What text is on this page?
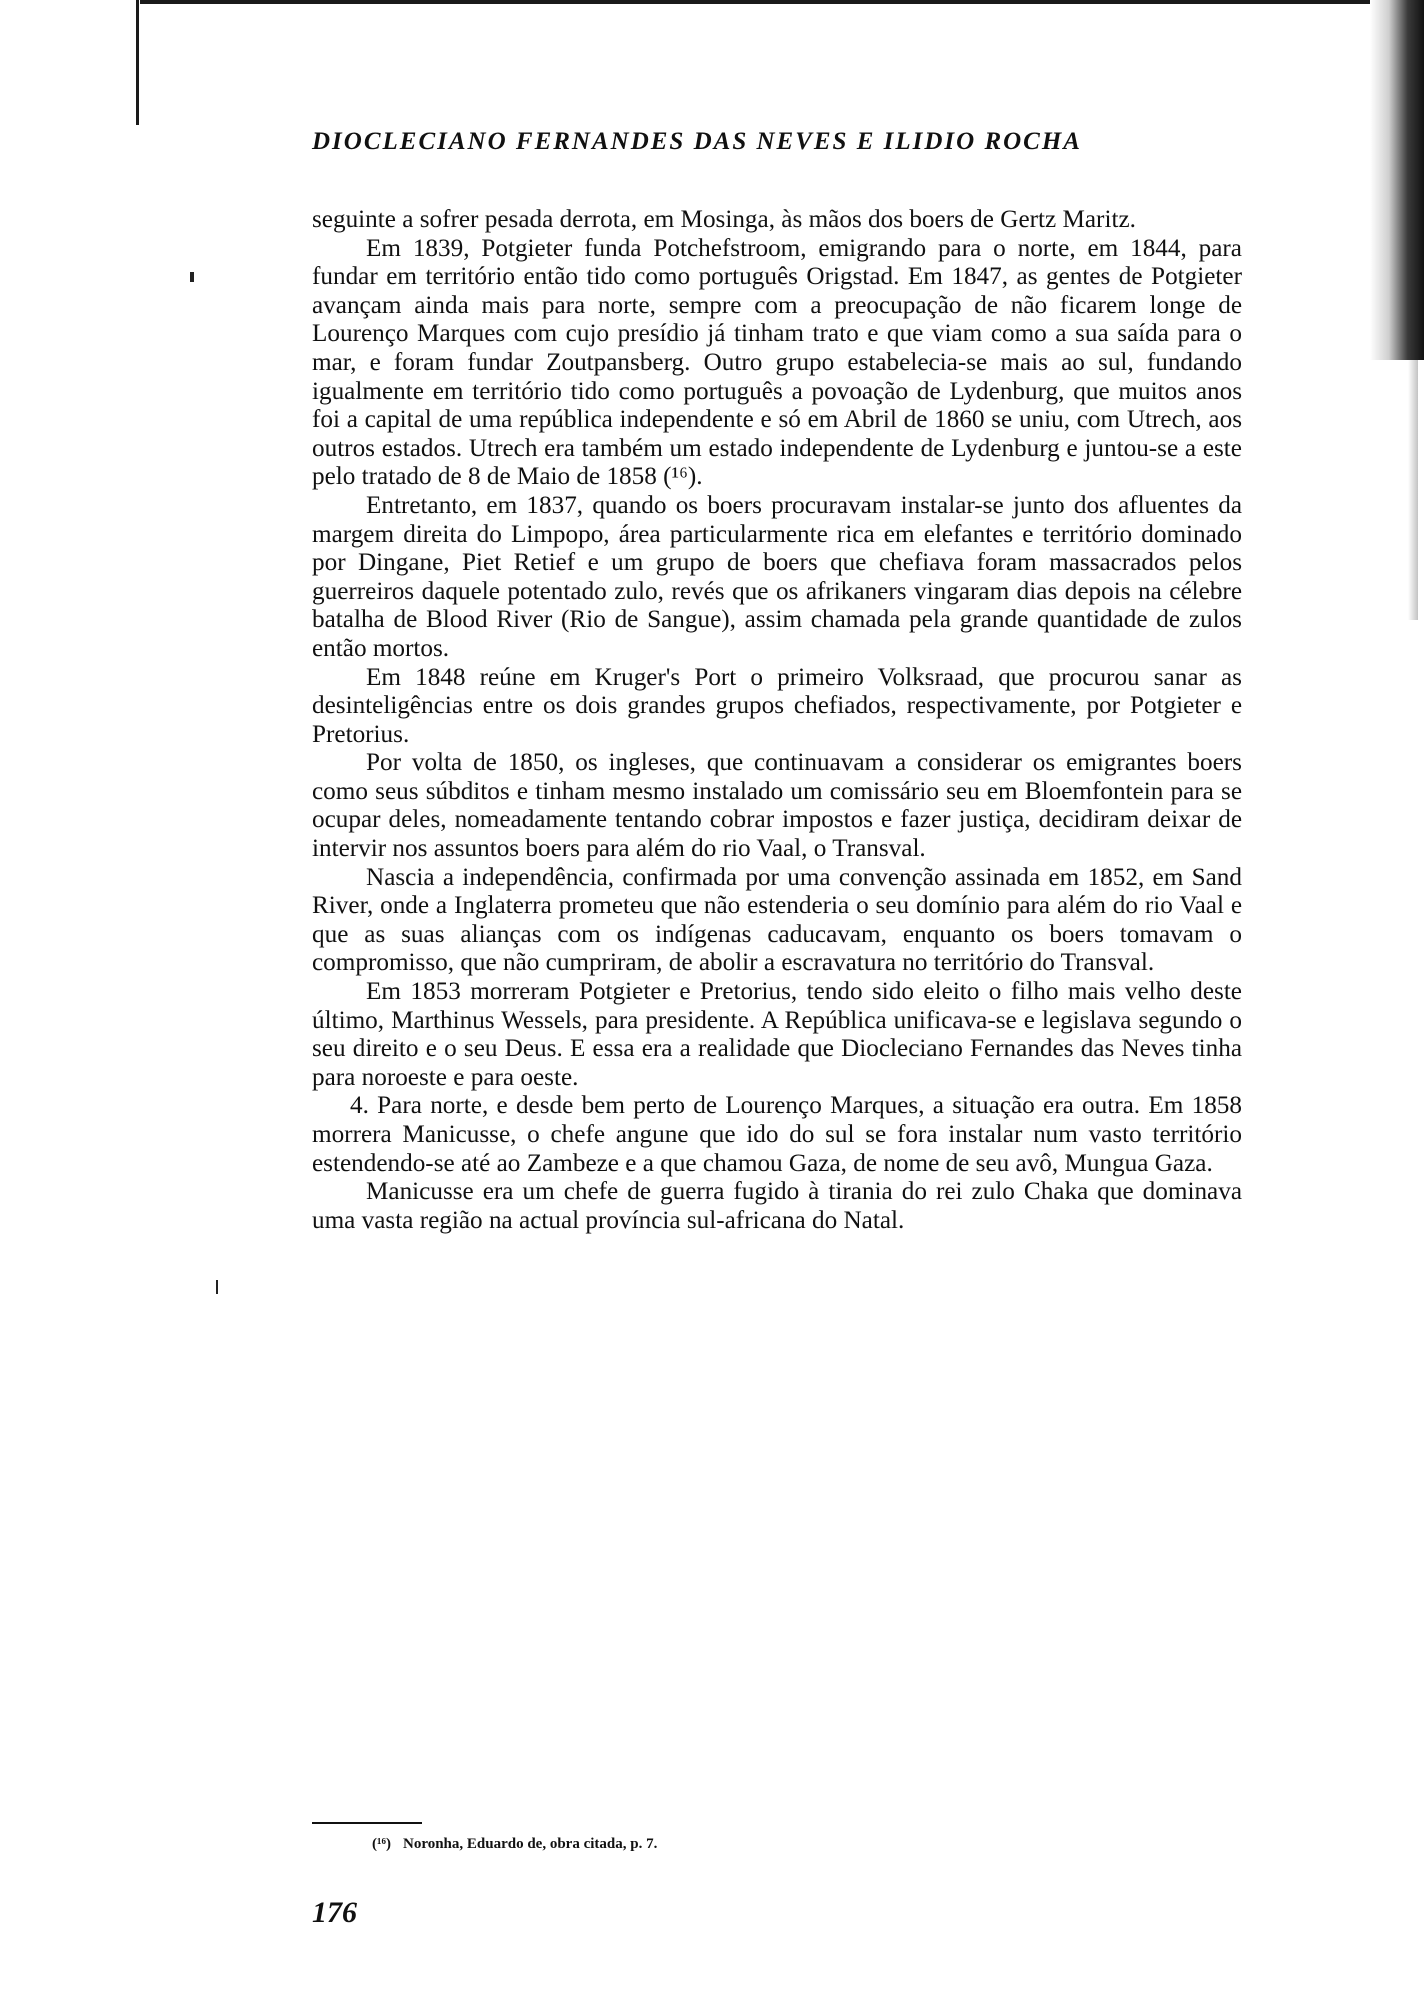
DIOCLECIANO FERNANDES DAS NEVES E ILIDIO ROCHA

seguinte a sofrer pesada derrota, em Mosinga, às mãos dos boers de Gertz Maritz.

Em 1839, Potgieter funda Potchefstroom, emigrando para o norte, em 1844, para fundar em território então tido como português Origstad. Em 1847, as gentes de Potgieter avançam ainda mais para norte, sempre com a preocupação de não ficarem longe de Lourenço Marques com cujo presídio já tinham trato e que viam como a sua saída para o mar, e foram fundar Zoutpansberg. Outro grupo estabelecia-se mais ao sul, fundando igualmente em território tido como português a povoação de Lydenburg, que muitos anos foi a capital de uma república independente e só em Abril de 1860 se uniu, com Utrech, aos outros estados. Utrech era também um estado independente de Lydenburg e juntou-se a este pelo tratado de 8 de Maio de 1858 (¹⁶).

Entretanto, em 1837, quando os boers procuravam instalar-se junto dos afluentes da margem direita do Limpopo, área particularmente rica em elefantes e território dominado por Dingane, Piet Retief e um grupo de boers que chefiava foram massacrados pelos guerreiros daquele potentado zulo, revés que os afrikaners vingaram dias depois na célebre batalha de Blood River (Rio de Sangue), assim chamada pela grande quantidade de zulos então mortos.

Em 1848 reúne em Kruger's Port o primeiro Volksraad, que procurou sanar as desinteligências entre os dois grandes grupos chefiados, respectivamente, por Potgieter e Pretorius.

Por volta de 1850, os ingleses, que continuavam a considerar os emigrantes boers como seus súbditos e tinham mesmo instalado um comissário seu em Bloemfontein para se ocupar deles, nomeadamente tentando cobrar impostos e fazer justiça, decidiram deixar de intervir nos assuntos boers para além do rio Vaal, o Transval.

Nascia a independência, confirmada por uma convenção assinada em 1852, em Sand River, onde a Inglaterra prometeu que não estenderia o seu domínio para além do rio Vaal e que as suas alianças com os indígenas caducavam, enquanto os boers tomavam o compromisso, que não cumpriram, de abolir a escravatura no território do Transval.

Em 1853 morreram Potgieter e Pretorius, tendo sido eleito o filho mais velho deste último, Marthinus Wessels, para presidente. A República unificava-se e legislava segundo o seu direito e o seu Deus. E essa era a realidade que Diocleciano Fernandes das Neves tinha para noroeste e para oeste.

4. Para norte, e desde bem perto de Lourenço Marques, a situação era outra. Em 1858 morrera Manicusse, o chefe angune que ido do sul se fora instalar num vasto território estendendo-se até ao Zambeze e a que chamou Gaza, de nome de seu avô, Mungua Gaza.

Manicusse era um chefe de guerra fugido à tirania do rei zulo Chaka que dominava uma vasta região na actual província sul-africana do Natal.

(¹⁶) Noronha, Eduardo de, obra citada, p. 7.
176
